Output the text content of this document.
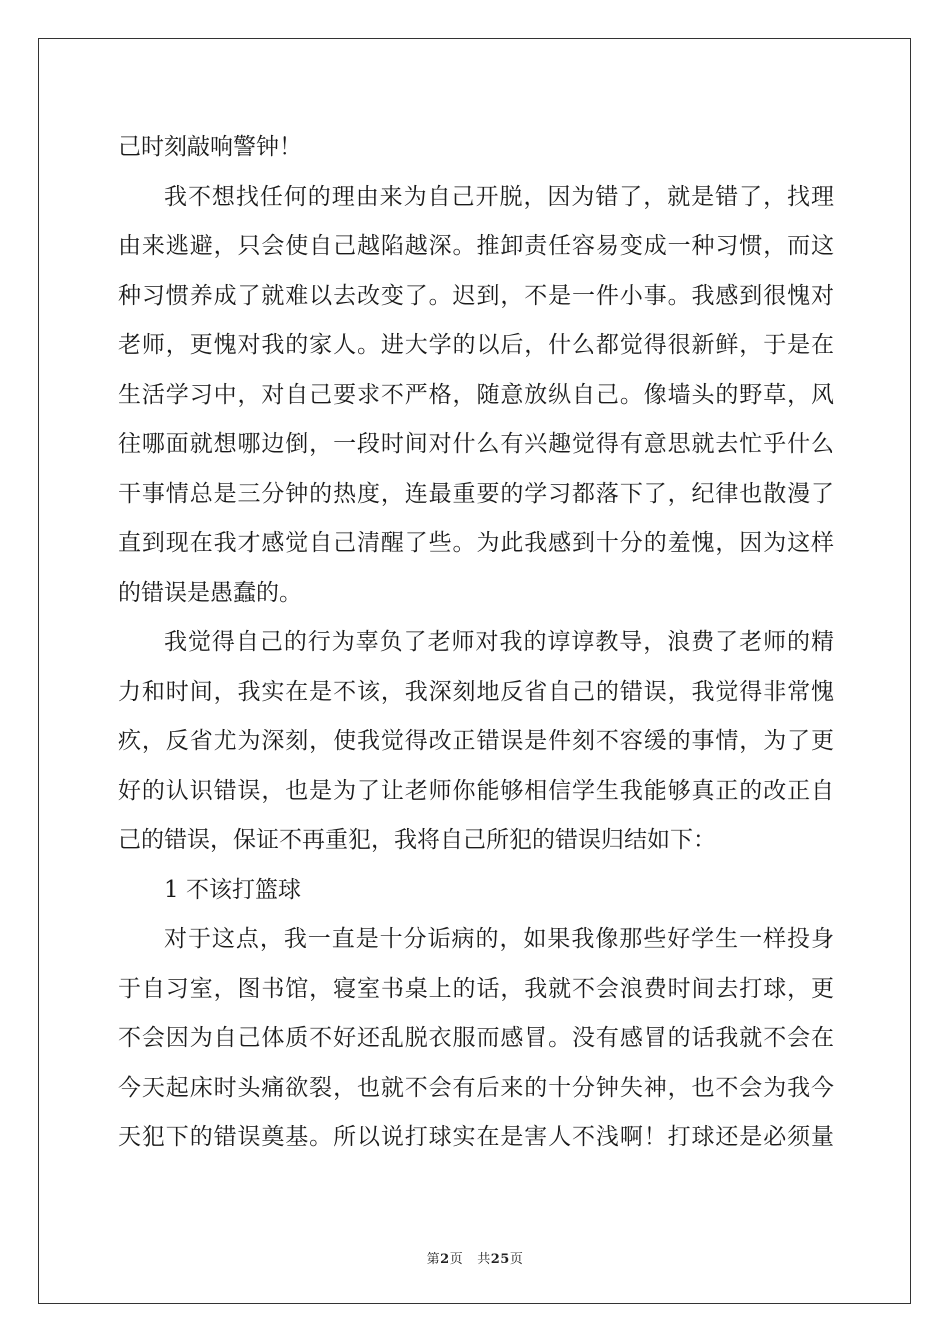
己时刻敲响警钟！
我不想找任何的理由来为自己开脱，因为错了，就是错了，找理
由来逃避，只会使自己越陷越深。推卸责任容易变成一种习惯，而这
种习惯养成了就难以去改变了。迟到，不是一件小事。我感到很愧对
老师，更愧对我的家人。进大学的以后，什么都觉得很新鲜，于是在
生活学习中，对自己要求不严格，随意放纵自己。像墙头的野草，风
往哪面就想哪边倒，一段时间对什么有兴趣觉得有意思就去忙乎什么
干事情总是三分钟的热度，连最重要的学习都落下了，纪律也散漫了
直到现在我才感觉自己清醒了些。为此我感到十分的羞愧，因为这样
的错误是愚蠢的。
我觉得自己的行为辜负了老师对我的谆谆教导，浪费了老师的精
力和时间，我实在是不该，我深刻地反省自己的错误，我觉得非常愧
疚，反省尤为深刻，使我觉得改正错误是件刻不容缓的事情，为了更
好的认识错误，也是为了让老师你能够相信学生我能够真正的改正自
己的错误，保证不再重犯，我将自己所犯的错误归结如下：
1 不该打篮球
对于这点，我一直是十分诟病的，如果我像那些好学生一样投身
于自习室，图书馆，寝室书桌上的话，我就不会浪费时间去打球，更
不会因为自己体质不好还乱脱衣服而感冒。没有感冒的话我就不会在
今天起床时头痛欲裂，也就不会有后来的十分钟失神，也不会为我今
天犯下的错误奠基。所以说打球实在是害人不浅啊！打球还是必须量
第2页 共25页
